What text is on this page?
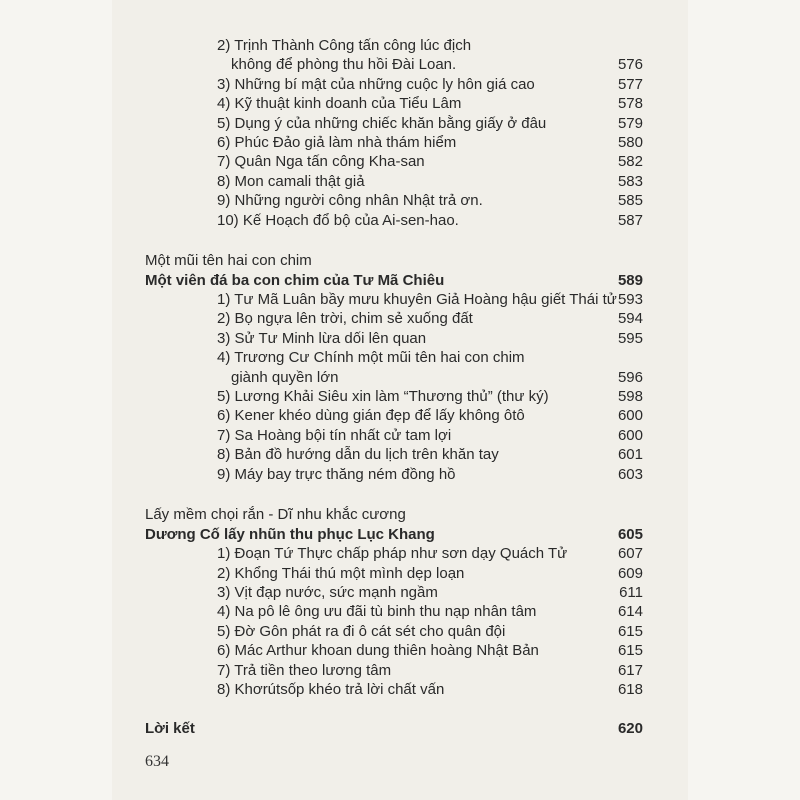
2) Trịnh Thành Công tấn công lúc địch
không để phòng thu hồi Đài Loan.	576
3) Những bí mật của những cuộc ly hôn giá cao	577
4) Kỹ thuật kinh doanh của Tiểu Lâm	578
5) Dụng ý của những chiếc khăn bằng giấy ở đâu	579
6) Phúc Đảo giả làm nhà thám hiểm	580
7) Quân Nga tấn công Kha-san	582
8) Mon camali thật giả	583
9) Những người công nhân Nhật trả ơn.	585
10) Kế Hoạch đổ bộ của Ai-sen-hao.	587
Một mũi tên hai con chim
Một viên đá ba con chim của Tư Mã Chiêu	589
1) Tư Mã Luân bầy mưu khuyên Giả Hoàng hậu giết Thái tử 593
2) Bọ ngựa lên trời, chim sẻ xuống đất	594
3) Sử Tư Minh lừa dối lên quan	595
4) Trương Cư Chính một mũi tên hai con chim
giành quyền lớn	596
5) Lương Khải Siêu xin làm “Thương thủ” (thư ký)	598
6) Kener khéo dùng gián đẹp để lấy không ôtô	600
7) Sa Hoàng bội tín nhất cử tam lợi	600
8) Bản đồ hướng dẫn du lịch trên khăn tay	601
9) Máy bay trực thăng ném đồng hồ	603
Lấy mềm chọi rắn - Dĩ nhu khắc cương
Dương Cố lấy nhũn thu phục Lục Khang	605
1) Đoạn Tứ Thực chấp pháp như sơn dạy Quách Tử	607
2) Khổng Thái thú một mình dẹp loạn	609
3) Vịt đạp nước, sức mạnh ngầm	611
4) Na pô lê ông ưu đãi tù binh thu nạp nhân tâm	614
5) Đờ Gôn phát ra đi ô cát sét cho quân đội	615
6) Mác Arthur khoan dung thiên hoàng Nhật Bản	615
7) Trả tiền theo lương tâm	617
8) Khơrútsốp khéo trả lời chất vấn	618
Lời kết	620
634
